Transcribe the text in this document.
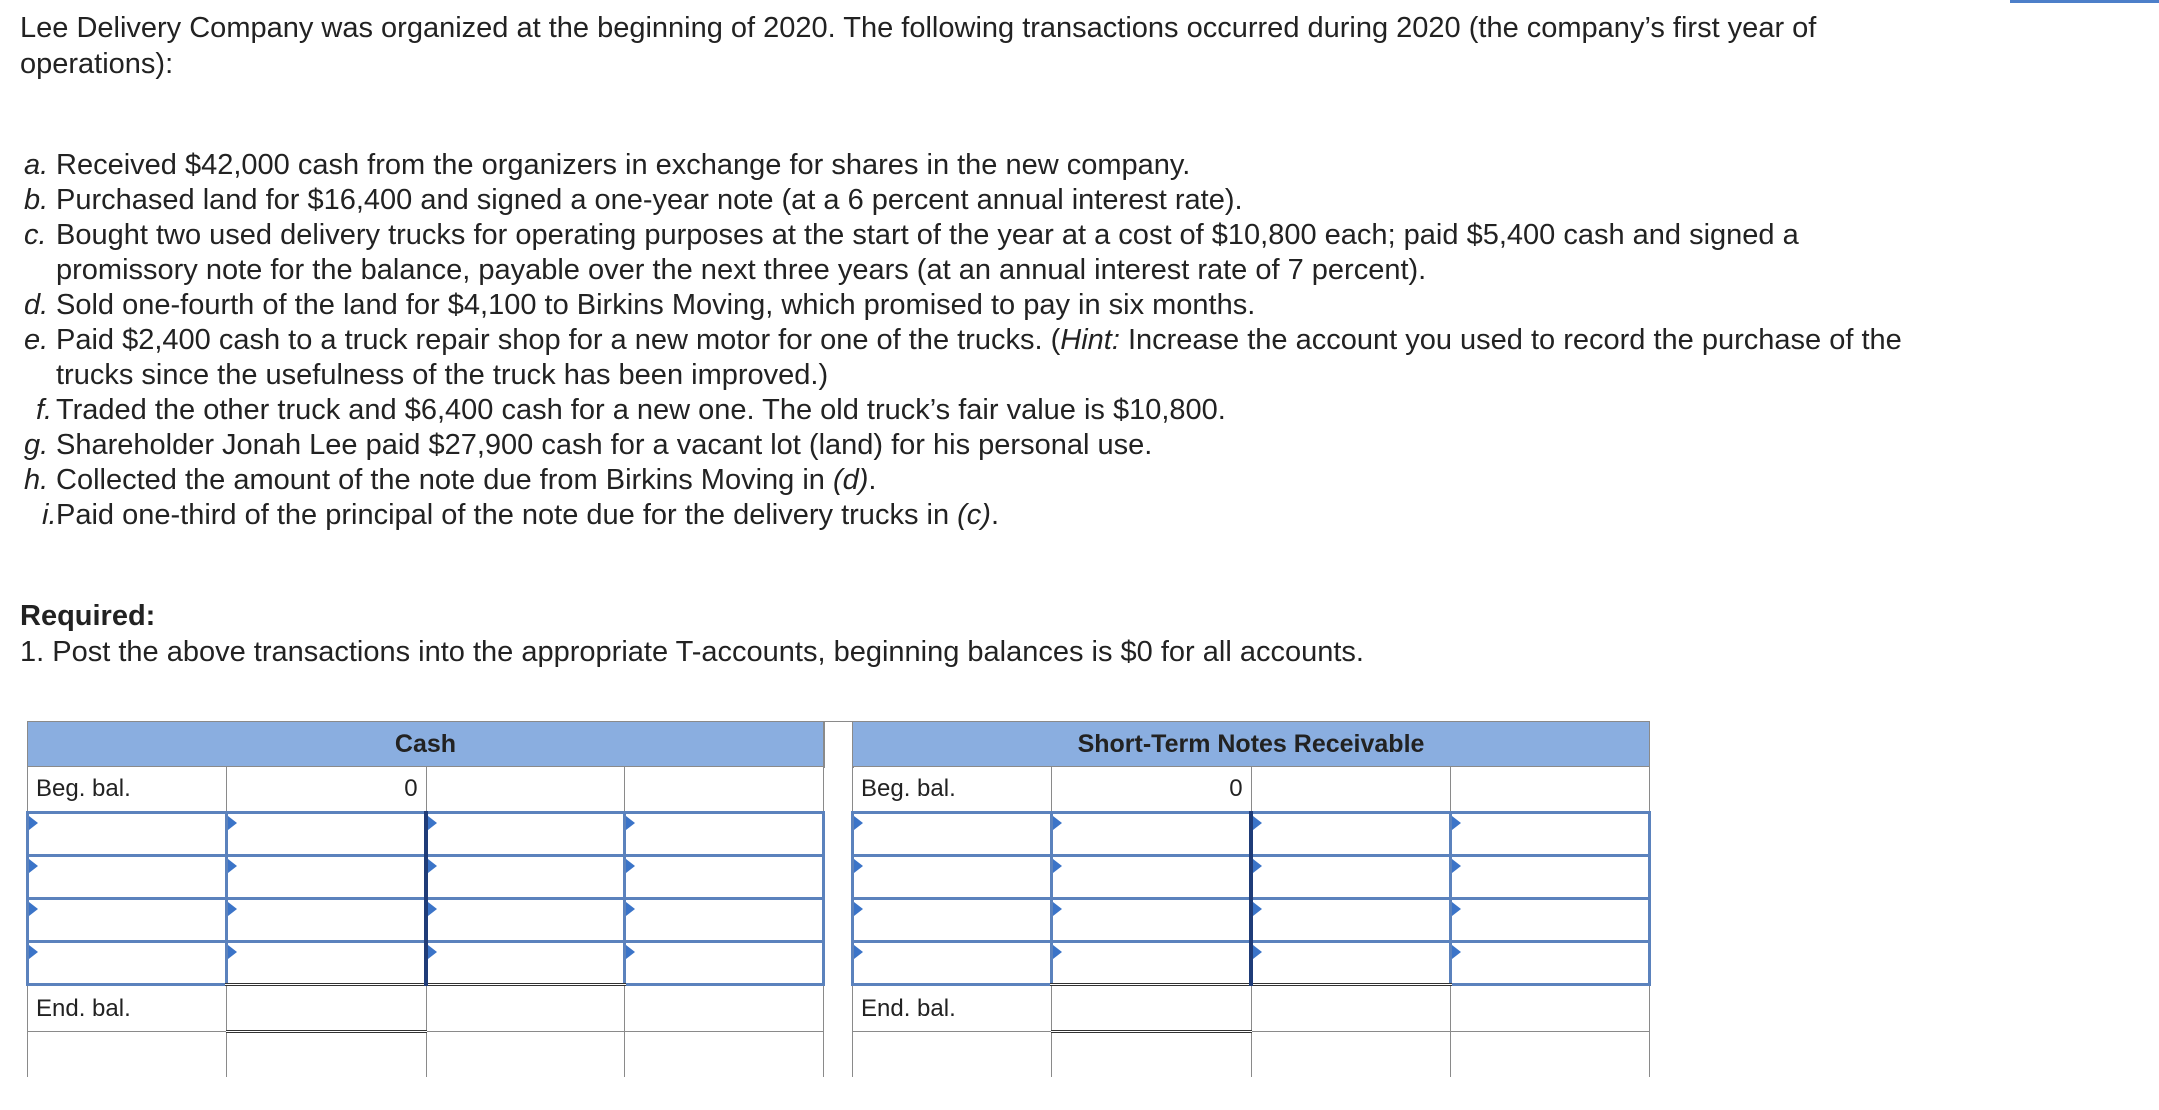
Lee Delivery Company was organized at the beginning of 2020. The following transactions occurred during 2020 (the company’s first year of operations):
a. Received $42,000 cash from the organizers in exchange for shares in the new company.
b. Purchased land for $16,400 and signed a one-year note (at a 6 percent annual interest rate).
c. Bought two used delivery trucks for operating purposes at the start of the year at a cost of $10,800 each; paid $5,400 cash and signed a promissory note for the balance, payable over the next three years (at an annual interest rate of 7 percent).
d. Sold one-fourth of the land for $4,100 to Birkins Moving, which promised to pay in six months.
e. Paid $2,400 cash to a truck repair shop for a new motor for one of the trucks. (Hint: Increase the account you used to record the purchase of the trucks since the usefulness of the truck has been improved.)
f. Traded the other truck and $6,400 cash for a new one. The old truck’s fair value is $10,800.
g. Shareholder Jonah Lee paid $27,900 cash for a vacant lot (land) for his personal use.
h. Collected the amount of the note due from Birkins Moving in (d).
i. Paid one-third of the principal of the note due for the delivery trucks in (c).
Required:
1. Post the above transactions into the appropriate T-accounts, beginning balances is $0 for all accounts.
Cash			
Beg. bal.	0		

End. bal.			

Short-Term Notes Receivable			
Beg. bal.	0		

End. bal.			
